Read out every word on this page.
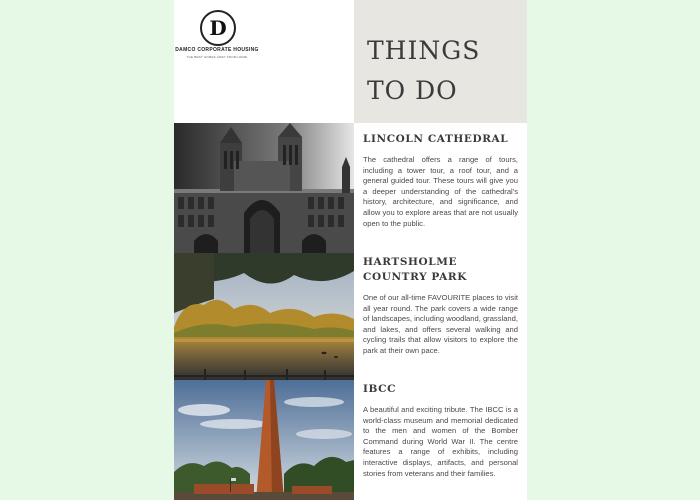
D
DAMCO CORPORATE HOUSING
THE BEST HOMES AWAY FROM HOME	THINGS
TO DO
LINCOLN CATHEDRAL

The cathedral offers a range of tours, including a tower tour, a roof tour, and a general guided tour. These tours will give you a deeper understanding of the cathedral's history, architecture, and significance, and allow you to explore areas that are not usually open to the public.

HARTSHOLME COUNTRY PARK

One of our all-time FAVOURITE places to visit all year round. The park covers a wide range of landscapes, including woodland, grassland, and lakes, and offers several walking and cycling trails that allow visitors to explore the park at their own pace.

IBCC

A beautiful and exciting tribute. The IBCC is a world-class museum and memorial dedicated to the men and women of the Bomber Command during World War II. The centre features a range of exhibits, including interactive displays, artifacts, and personal stories from veterans and their families.
